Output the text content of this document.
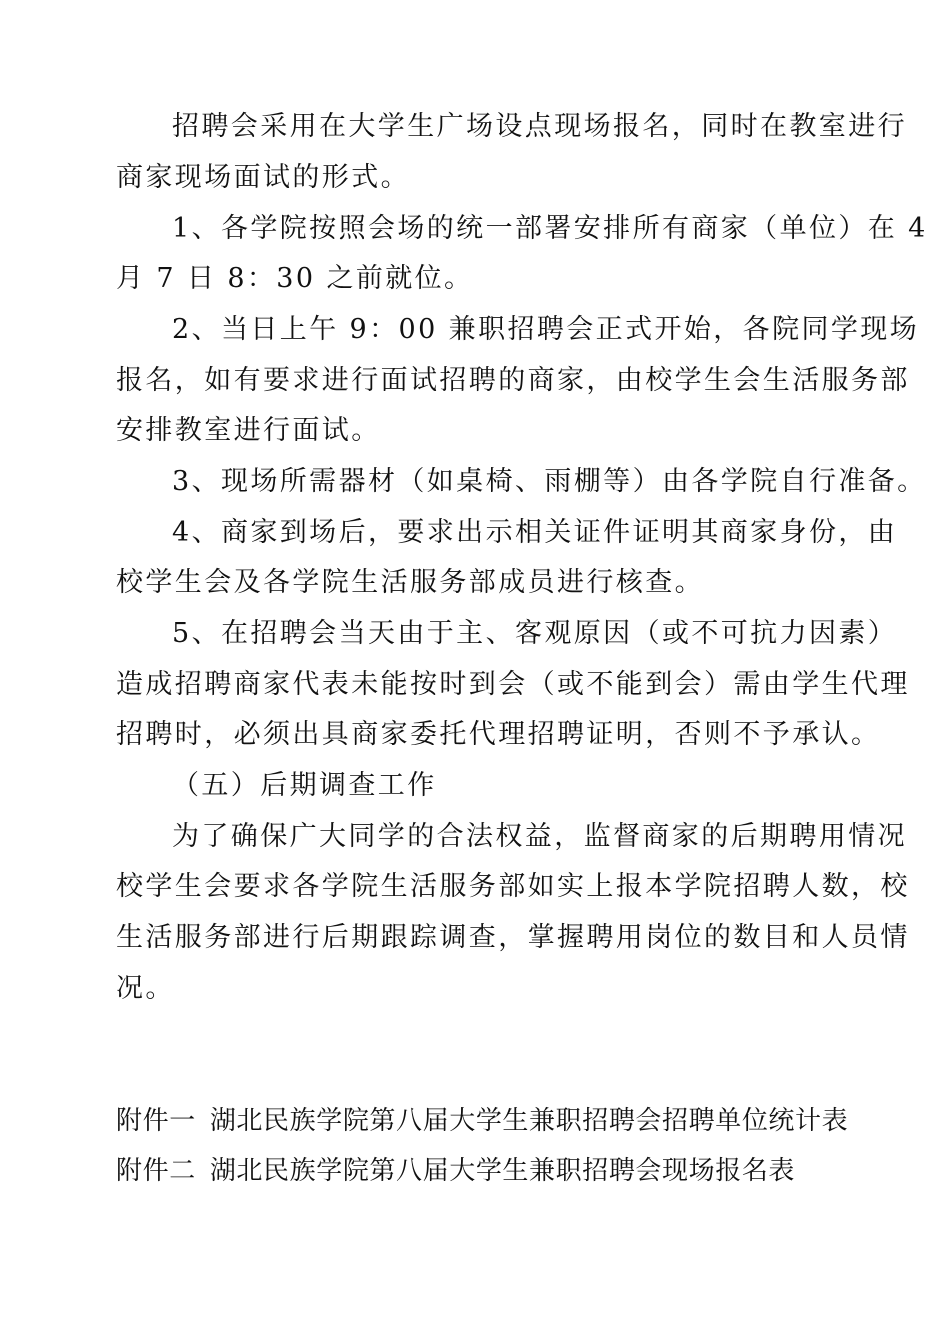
招聘会采用在大学生广场设点现场报名，同时在教室进行
商家现场面试的形式。
1、各学院按照会场的统一部署安排所有商家（单位）在 4
月 7 日 8：30 之前就位。
2、当日上午 9：00 兼职招聘会正式开始，各院同学现场
报名，如有要求进行面试招聘的商家，由校学生会生活服务部
安排教室进行面试。
3、现场所需器材（如桌椅、雨棚等）由各学院自行准备。
4、商家到场后，要求出示相关证件证明其商家身份，由
校学生会及各学院生活服务部成员进行核查。
5、在招聘会当天由于主、客观原因（或不可抗力因素）
造成招聘商家代表未能按时到会（或不能到会）需由学生代理
招聘时，必须出具商家委托代理招聘证明，否则不予承认。
（五）后期调查工作
为了确保广大同学的合法权益，监督商家的后期聘用情况
校学生会要求各学院生活服务部如实上报本学院招聘人数，校
生活服务部进行后期跟踪调查，掌握聘用岗位的数目和人员情
况。
附件一 湖北民族学院第八届大学生兼职招聘会招聘单位统计表
附件二 湖北民族学院第八届大学生兼职招聘会现场报名表
